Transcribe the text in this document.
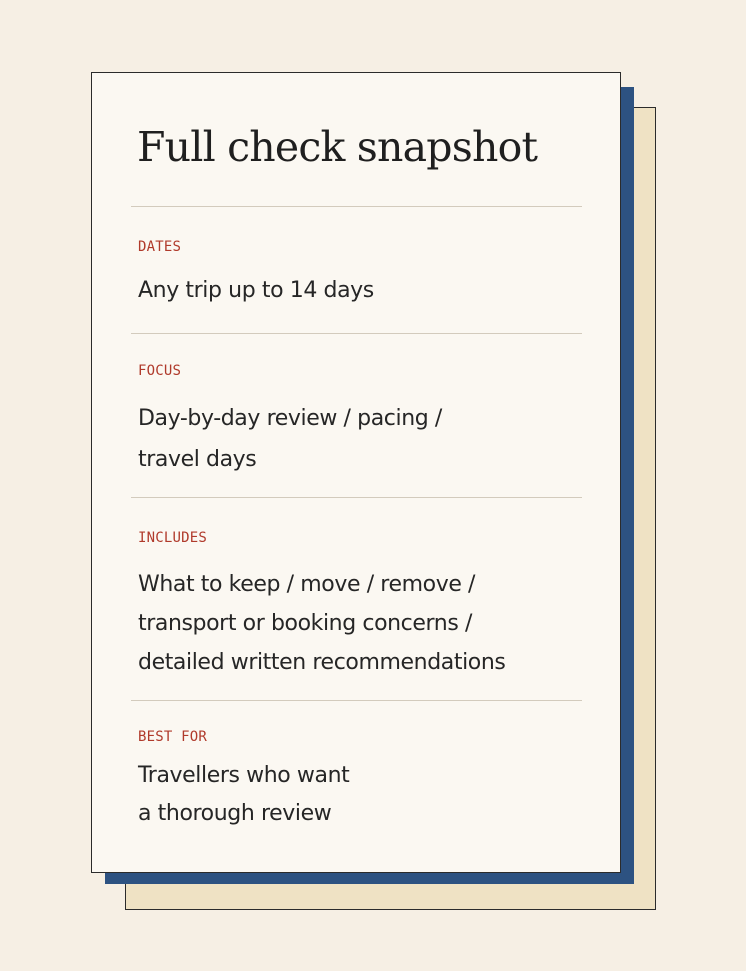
Full check snapshot
DATES
Any trip up to 14 days
FOCUS
Day-by-day review / pacing /
travel days
INCLUDES
What to keep / move / remove /
transport or booking concerns /
detailed written recommendations
BEST FOR
Travellers who want
a thorough review
